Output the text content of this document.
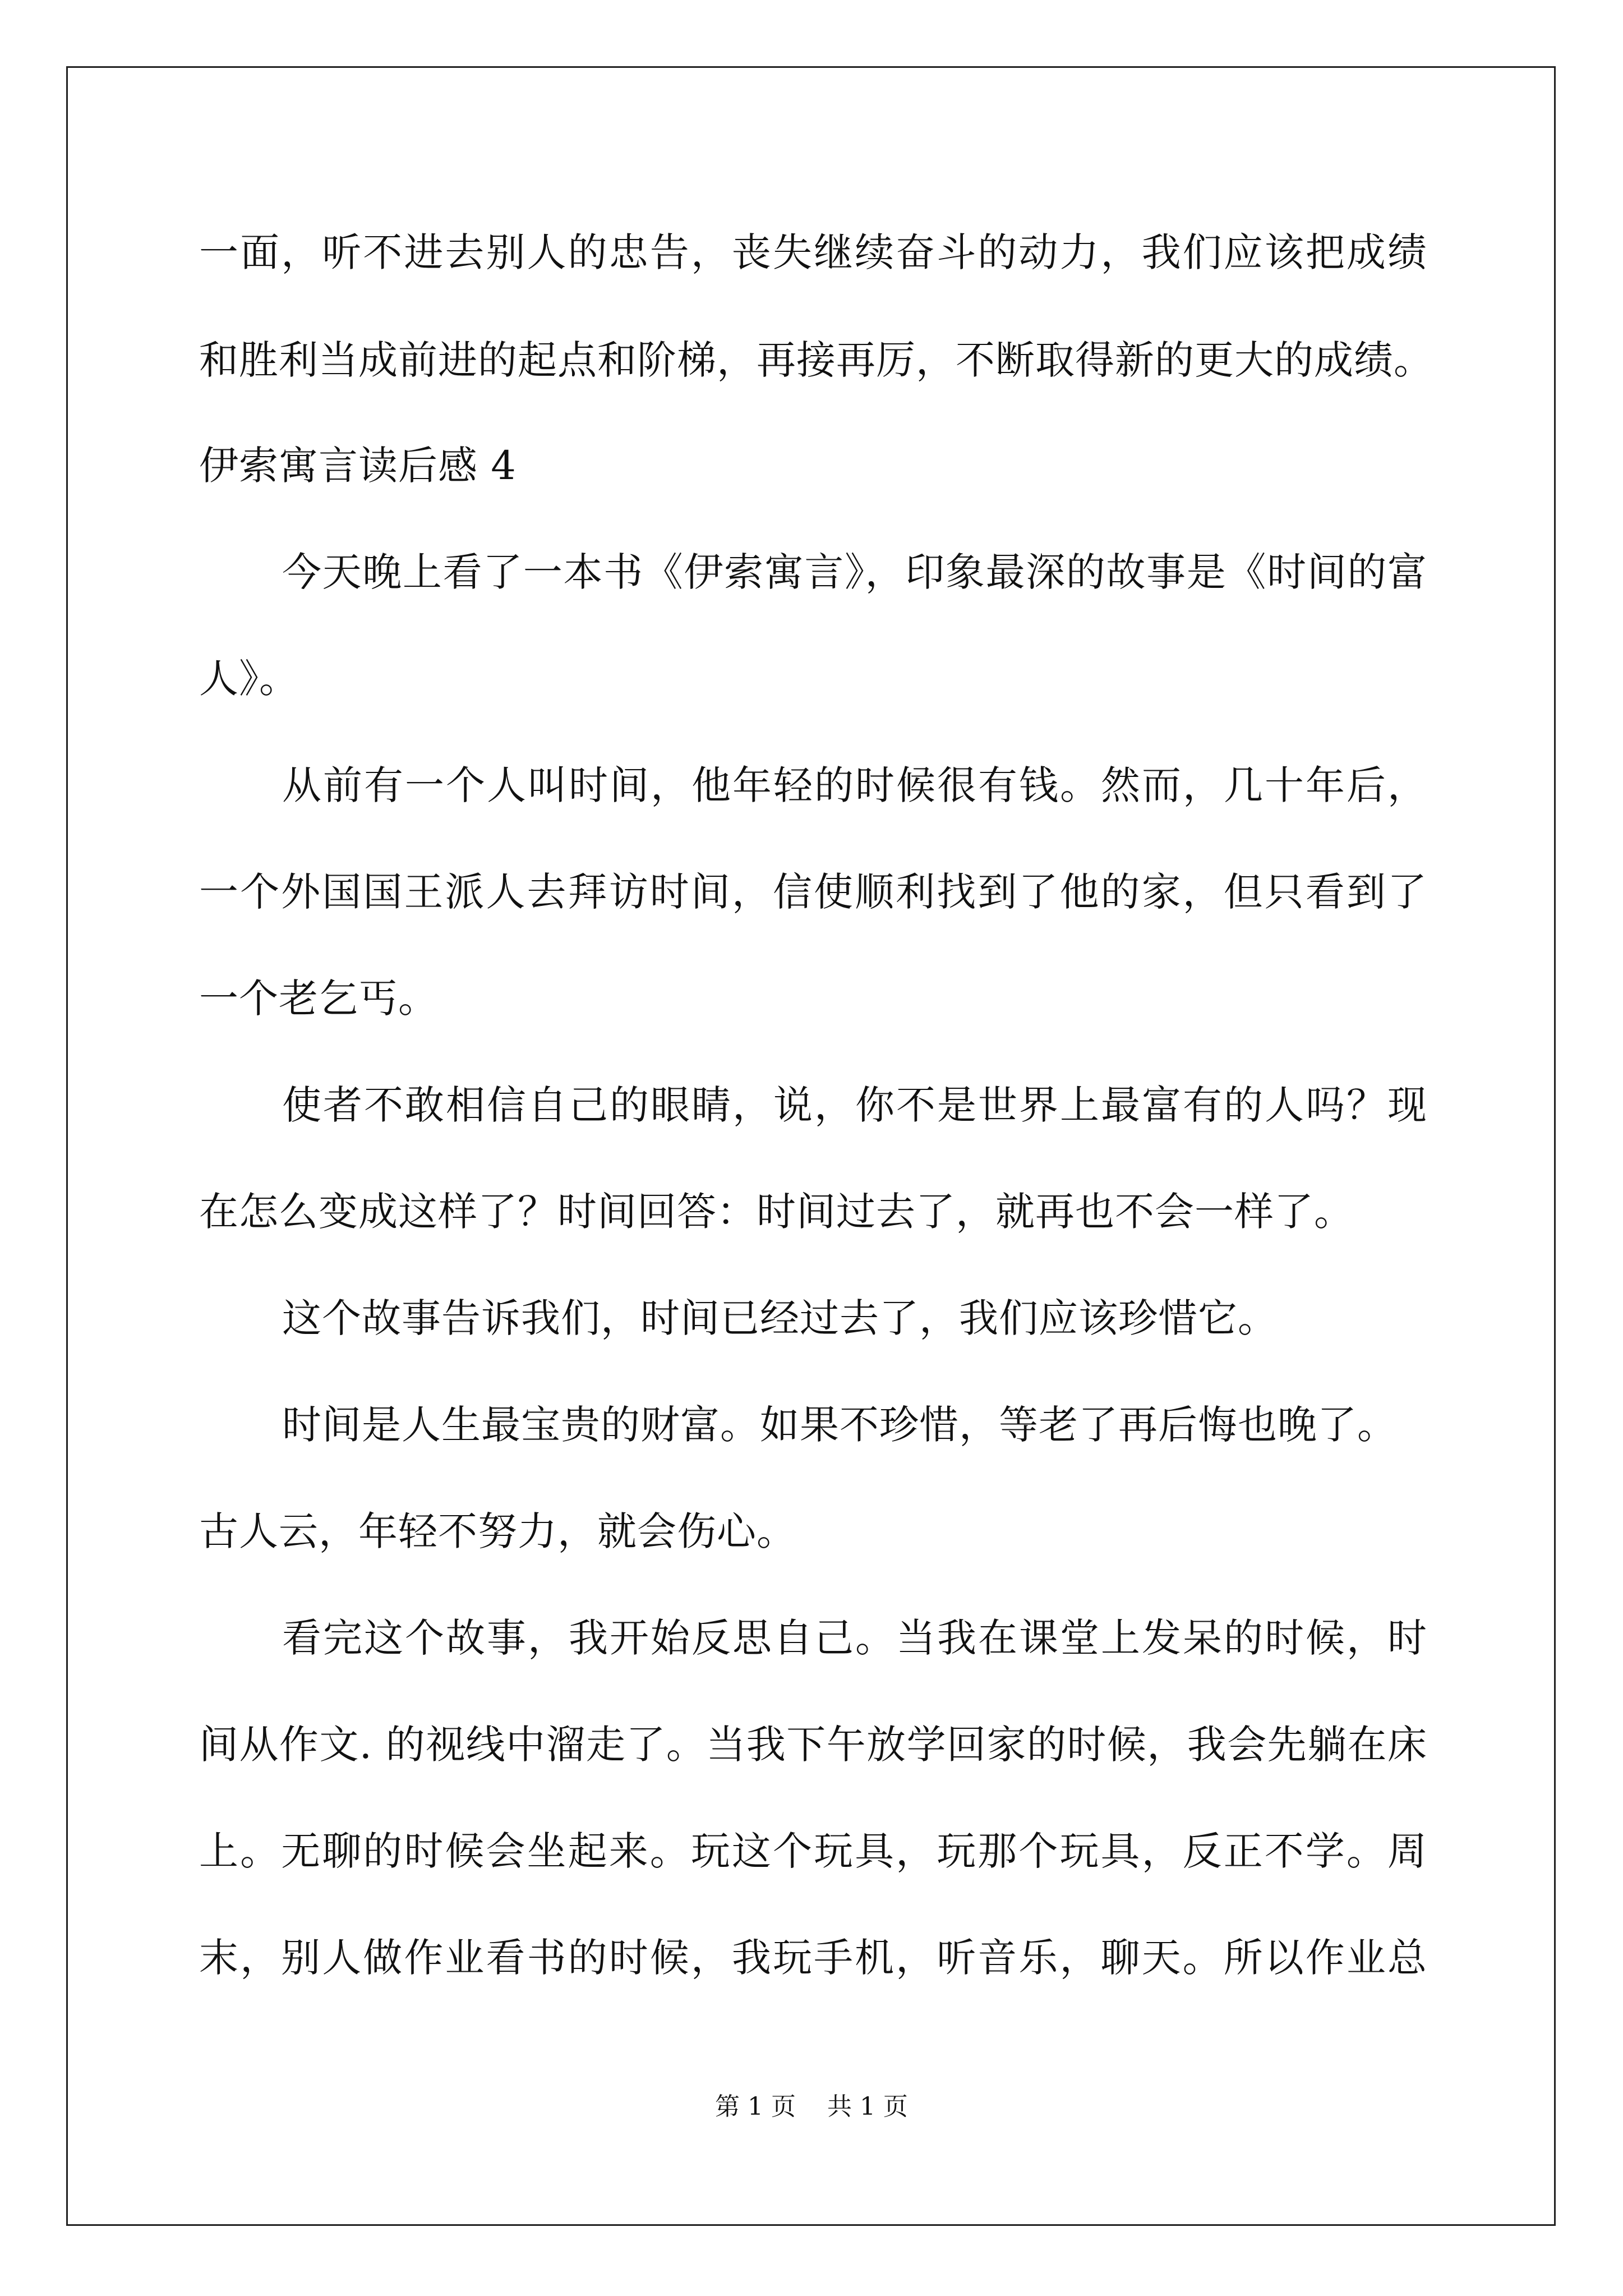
一面，听不进去别人的忠告，丧失继续奋斗的动力，我们应该把成绩
和胜利当成前进的起点和阶梯，再接再厉，不断取得新的更大的成绩。
伊索寓言读后感 4
今天晚上看了一本书《伊索寓言》，印象最深的故事是《时间的富
人》。
从前有一个人叫时间，他年轻的时候很有钱。然而，几十年后，
一个外国国王派人去拜访时间，信使顺利找到了他的家，但只看到了
一个老乞丐。
使者不敢相信自己的眼睛，说，你不是世界上最富有的人吗？现
在怎么变成这样了？时间回答：时间过去了，就再也不会一样了。
这个故事告诉我们，时间已经过去了，我们应该珍惜它。
时间是人生最宝贵的财富。如果不珍惜，等老了再后悔也晚了。
古人云，年轻不努力，就会伤心。
看完这个故事，我开始反思自己。当我在课堂上发呆的时候，时
间从作文. 的视线中溜走了。当我下午放学回家的时候，我会先躺在床
上。无聊的时候会坐起来。玩这个玩具，玩那个玩具，反正不学。周
末，别人做作业看书的时候，我玩手机，听音乐，聊天。所以作业总
第 1 页    共 1 页
